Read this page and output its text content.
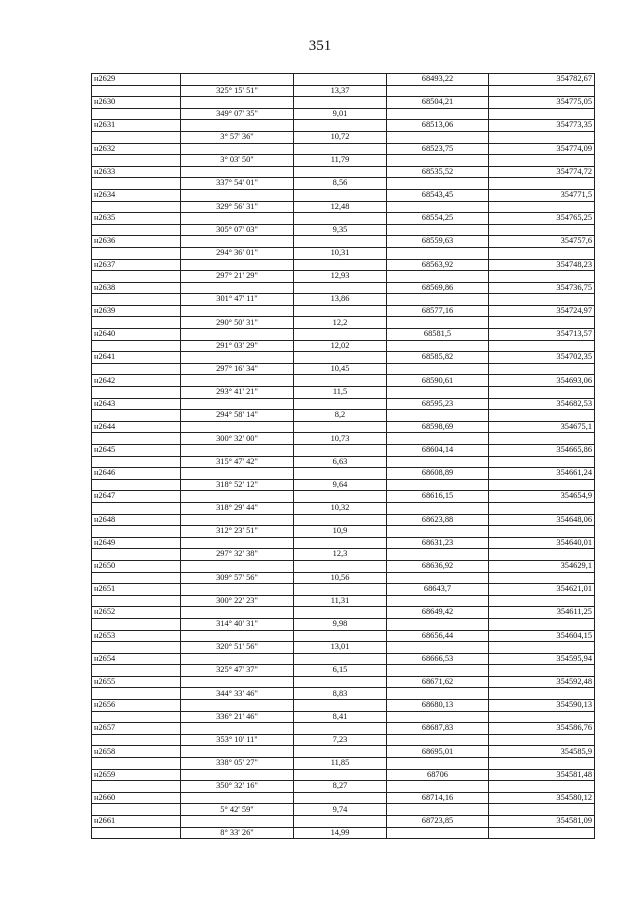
351
н2629			68493,22	354782,67
	325° 15' 51"	13,37		
н2630			68504,21	354775,05
	349° 07' 35"	9,01		
н2631			68513,06	354773,35
	3° 57' 36"	10,72		
н2632			68523,75	354774,09
	3° 03' 50"	11,79		
н2633			68535,52	354774,72
	337° 54' 01"	8,56		
н2634			68543,45	354771,5
	329° 56' 31"	12,48		
н2635			68554,25	354765,25
	305° 07' 03"	9,35		
н2636			68559,63	354757,6
	294° 36' 01"	10,31		
н2637			68563,92	354748,23
	297° 21' 29"	12,93		
н2638			68569,86	354736,75
	301° 47' 11"	13,86		
н2639			68577,16	354724,97
	290° 50' 31"	12,2		
н2640			68581,5	354713,57
	291° 03' 29"	12,02		
н2641			68585,82	354702,35
	297° 16' 34"	10,45		
н2642			68590,61	354693,06
	293° 41' 21"	11,5		
н2643			68595,23	354682,53
	294° 58' 14"	8,2		
н2644			68598,69	354675,1
	300° 32' 00"	10,73		
н2645			68604,14	354665,86
	315° 47' 42"	6,63		
н2646			68608,89	354661,24
	318° 52' 12"	9,64		
н2647			68616,15	354654,9
	318° 29' 44"	10,32		
н2648			68623,88	354648,06
	312° 23' 51"	10,9		
н2649			68631,23	354640,01
	297° 32' 38"	12,3		
н2650			68636,92	354629,1
	309° 57' 56"	10,56		
н2651			68643,7	354621,01
	300° 22' 23"	11,31		
н2652			68649,42	354611,25
	314° 40' 31"	9,98		
н2653			68656,44	354604,15
	320° 51' 56"	13,01		
н2654			68666,53	354595,94
	325° 47' 37"	6,15		
н2655			68671,62	354592,48
	344° 33' 46"	8,83		
н2656			68680,13	354590,13
	336° 21' 46"	8,41		
н2657			68687,83	354586,76
	353° 10' 11"	7,23		
н2658			68695,01	354585,9
	338° 05' 27"	11,85		
н2659			68706	354581,48
	350° 32' 16"	8,27		
н2660			68714,16	354580,12
	5° 42' 59"	9,74		
н2661			68723,85	354581,09
	8° 33' 26"	14,99		
